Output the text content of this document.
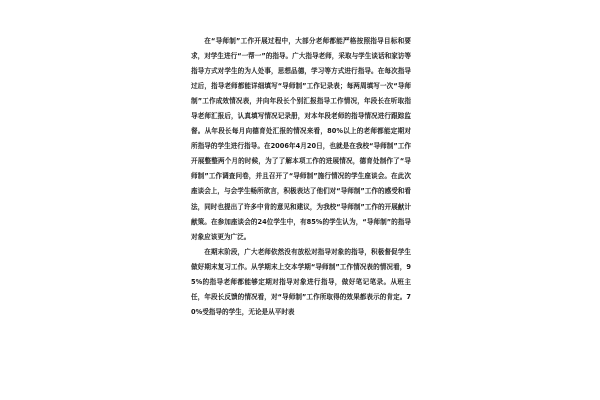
在“导师制”工作开展过程中，大部分老师都能严格按照指导目标和要求，对学生进行“一帮一”的指导。广大指导老师，采取与学生谈话和家访等指导方式对学生的为人处事，思想品德，学习等方式进行指导。在每次指导过后，指导老师都能详细填写“导师制”工作记录表；每两周填写一次“导师制”工作成效情况表，并向年段长个别汇报指导工作情况，年段长在听取指导老师汇报后，认真填写情况记录册，对本年段老师的指导情况进行跟踪监督。从年段长每月向德育处汇报的情况来看，80%以上的老师都能定期对所指导的学生进行指导。在2006年4月20日，也就是在我校“导师制”工作开展整整两个月的时候，为了了解本项工作的进展情况，德育处制作了“导师制”工作调查问卷，并且召开了“导师制”施行情况的学生座谈会。在此次座谈会上，与会学生畅所欲言，积极表达了他们对“导师制”工作的感受和看法，同时也提出了许多中肯的意见和建议，为我校“导师制”工作的开展献计献策。在参加座谈会的24位学生中，有85%的学生认为，“导师制”的指导对象应该更为广泛。

在期末阶段，广大老师依然没有放松对指导对象的指导，积极督促学生做好期末复习工作。从学期末上交本学期“导师制”工作情况表的情况看，95%的指导老师都能够定期对指导对象进行指导，做好笔记笔录。从班主任，年段长反馈的情况看，对“导师制”工作所取得的效果都表示的肯定。70%受指导的学生，无论是从平时表
